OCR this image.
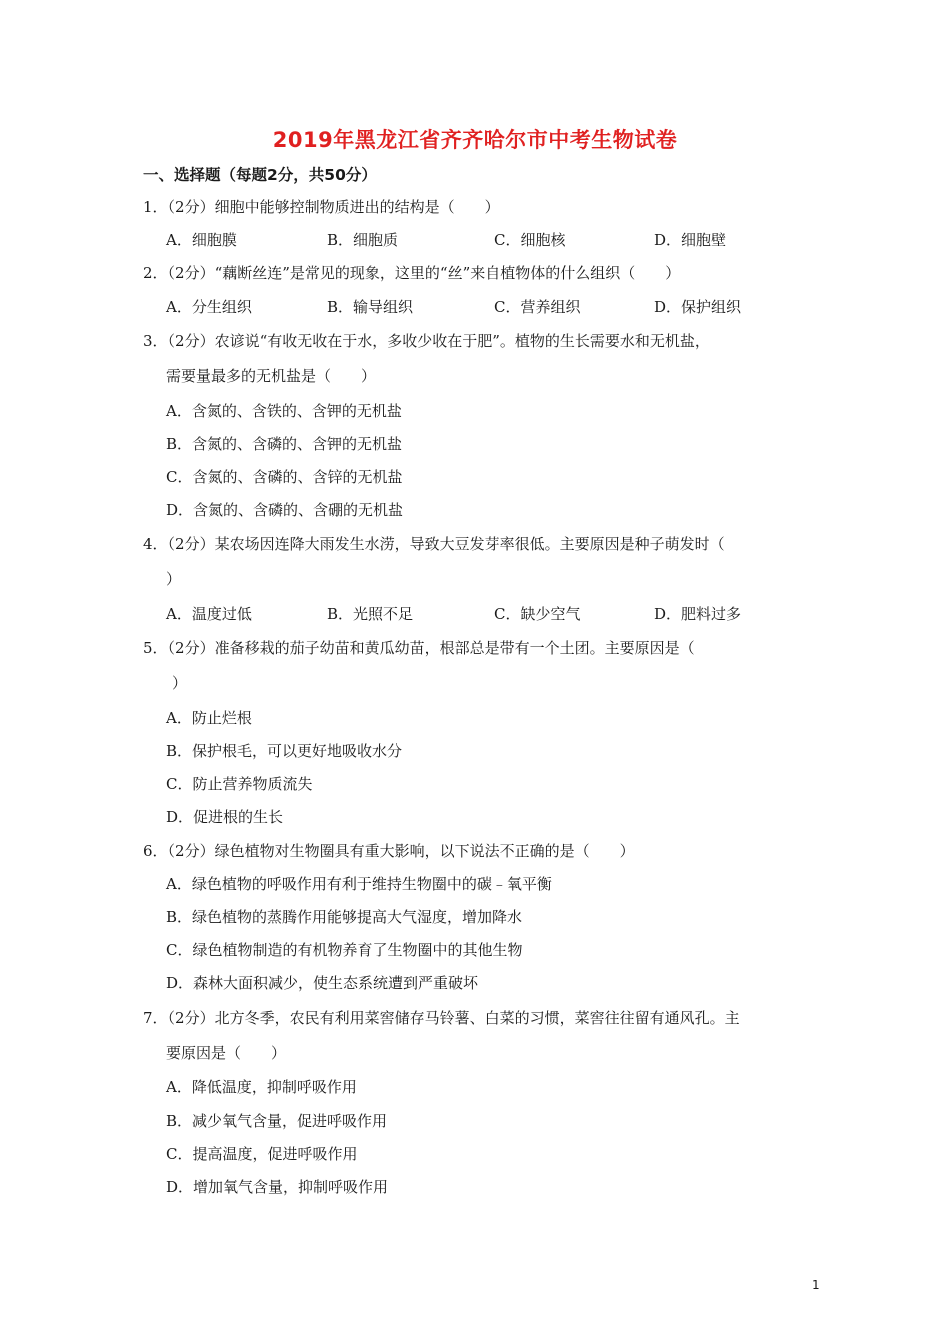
2019年黑龙江省齐齐哈尔市中考生物试卷
一、选择题（每题2分，共50分）
1．（2分）细胞中能够控制物质进出的结构是（　　）
A．细胞膜	B．细胞质	C．细胞核	D．细胞壁
2．（2分）“藕断丝连”是常见的现象，这里的“丝”来自植物体的什么组织（　　）
A．分生组织	B．输导组织	C．营养组织	D．保护组织
3．（2分）农谚说“有收无收在于水，多收少收在于肥”。植物的生长需要水和无机盐，
需要量最多的无机盐是（　　）
A．含氮的、含铁的、含钾的无机盐
B．含氮的、含磷的、含钾的无机盐
C．含氮的、含磷的、含锌的无机盐
D．含氮的、含磷的、含硼的无机盐
4．（2分）某农场因连降大雨发生水涝，导致大豆发芽率很低。主要原因是种子萌发时（
）
A．温度过低	B．光照不足	C．缺少空气	D．肥料过多
5．（2分）准备移栽的茄子幼苗和黄瓜幼苗，根部总是带有一个土团。主要原因是（
）
A．防止烂根
B．保护根毛，可以更好地吸收水分
C．防止营养物质流失
D．促进根的生长
6．（2分）绿色植物对生物圈具有重大影响，以下说法不正确的是（　　）
A．绿色植物的呼吸作用有利于维持生物圈中的碳﹣氧平衡
B．绿色植物的蒸腾作用能够提高大气湿度，增加降水
C．绿色植物制造的有机物养育了生物圈中的其他生物
D．森林大面积减少，使生态系统遭到严重破坏
7．（2分）北方冬季，农民有利用菜窖储存马铃薯、白菜的习惯，菜窖往往留有通风孔。主
要原因是（　　）
A．降低温度，抑制呼吸作用
B．减少氧气含量，促进呼吸作用
C．提高温度，促进呼吸作用
D．增加氧气含量，抑制呼吸作用
1
